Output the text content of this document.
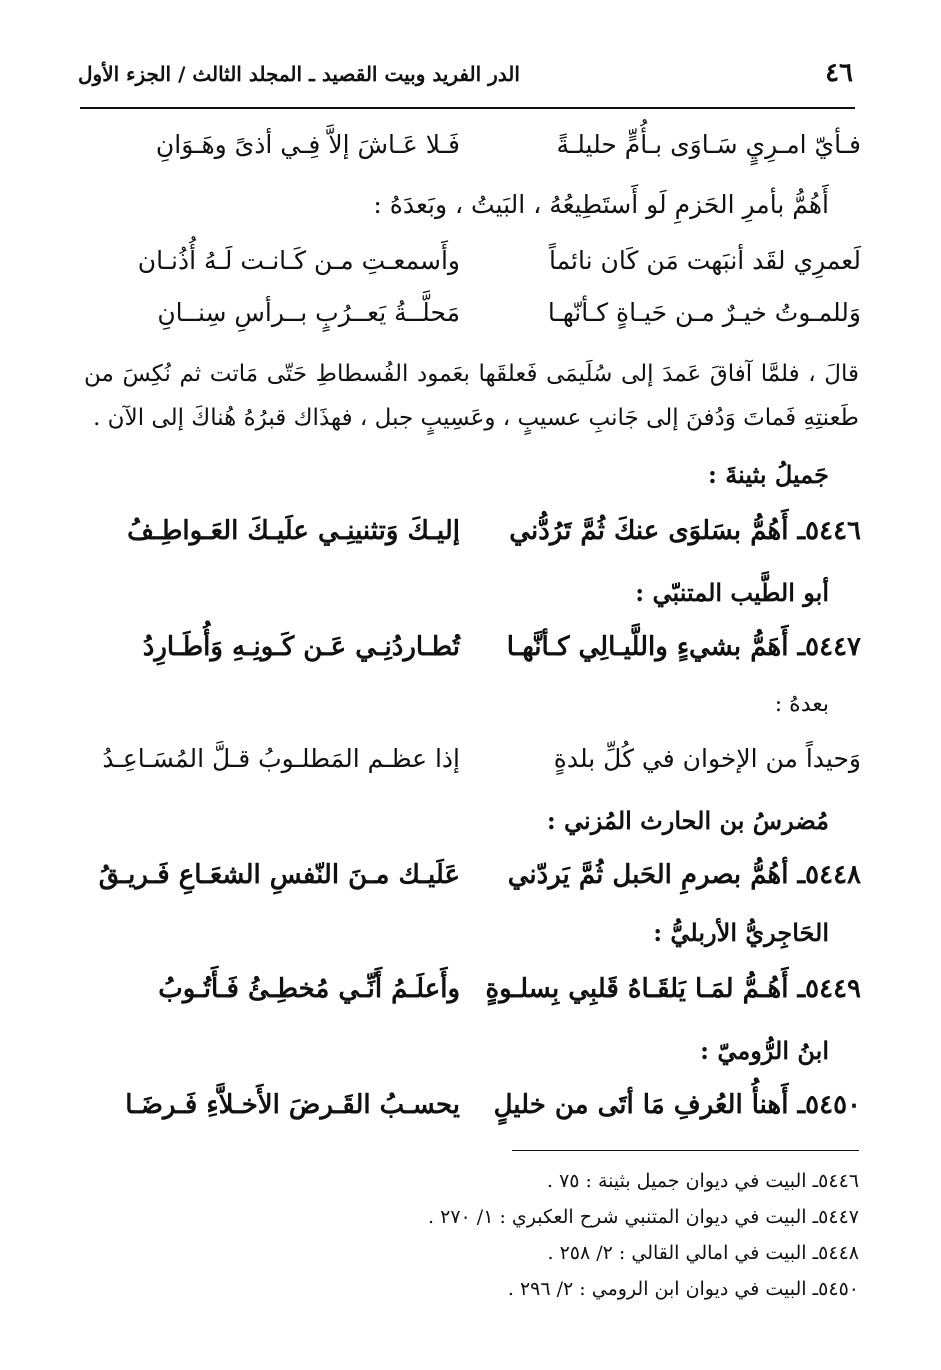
٤٦
الدر الفريد وبيت القصيد ـ المجلد الثالث / الجزء الأول
فـأيّ امـرِيٍ سَـاوَى بـأُمٍّ حليلـةً
فَـلا عَـاشَ إلاَّ فِـي أذىً وهَـوَانِ
أَهُمُّ بأمرِ الحَزمِ لَو أَستَطِيعُهُ ، البَيتُ ، وبَعدَهُ :
لَعمرِي لقَد أنبَهت مَن كَان نائماً
وأَسمعـتِ مـن كَـانـت لَـهُ أُذُنـان
وَللمـوتُ خيـرٌ مـن حَيـاةٍ كـأنّهـا
مَحلَّــةُ يَعــرُبٍ بــرأسِ سِنــانِ
قالَ ، فلمَّا آفاقَ عَمدَ إلى سُلَيمَى فَعلقَها بعَمود الفُسطاطِ حَتّى مَاتت ثم نُكِسَ من طَعنتِهِ فَماتَ وَدُفنَ إلى جَانبِ عسيبٍ ، وعَسِيبٍ جبل ، فهذَاك قبرُهُ هُناكَ إلى الآن .
جَميلُ بثينةَ :
٥٤٤٦ـ أَهُمُّ بسَلوَى عنكَ ثُمَّ تَرُدُّني
إليـكَ وَتثنينِـي علَيـكَ العَـواطِـفُ
أبو الطَّيب المتنبّي :
٥٤٤٧ـ أَهَمُّ بشيءٍ واللَّيـالِي كـأنَّهـا
تُطـاردُنِـي عَـن كَـونِـهِ وَأُطَـارِدُ
بعدهُ :
وَحيداً من الإخوان في كُلِّ بلدةٍ
إذا عظـم المَطلـوبُ قـلَّ المُسَـاعِـدُ
مُضرسُ بن الحارث المُزني :
٥٤٤٨ـ أهُمُّ بصرمِ الحَبل ثُمَّ يَردّني
عَلَيـك مـنَ النّفسِ الشعَـاعِ فَـريـقُ
الحَاجِريُّ الأربليُّ :
٥٤٤٩ـ أَهُـمُّ لمَـا يَلقَـاهُ قَلبِي بِسلـوةٍ
وأَعلَـمُ أَنِّـي مُخطِـئُ فَـأَتُـوبُ
ابنُ الرُّوميّ :
٥٤٥٠ـ أَهنأُ العُرفِ مَا أتَى من خليلٍ
يحسـبُ القَـرضَ الأَخـلاَّءِ فَـرضَـا
٥٤٤٦ـ البيت في ديوان جميل بثينة : ٧٥ .
٥٤٤٧ـ البيت في ديوان المتنبي شرح العكبري : ١/ ٢٧٠ .
٥٤٤٨ـ البيت في امالي القالي : ٢/ ٢٥٨ .
٥٤٥٠ـ البيت في ديوان ابن الرومي : ٢/ ٢٩٦ .
